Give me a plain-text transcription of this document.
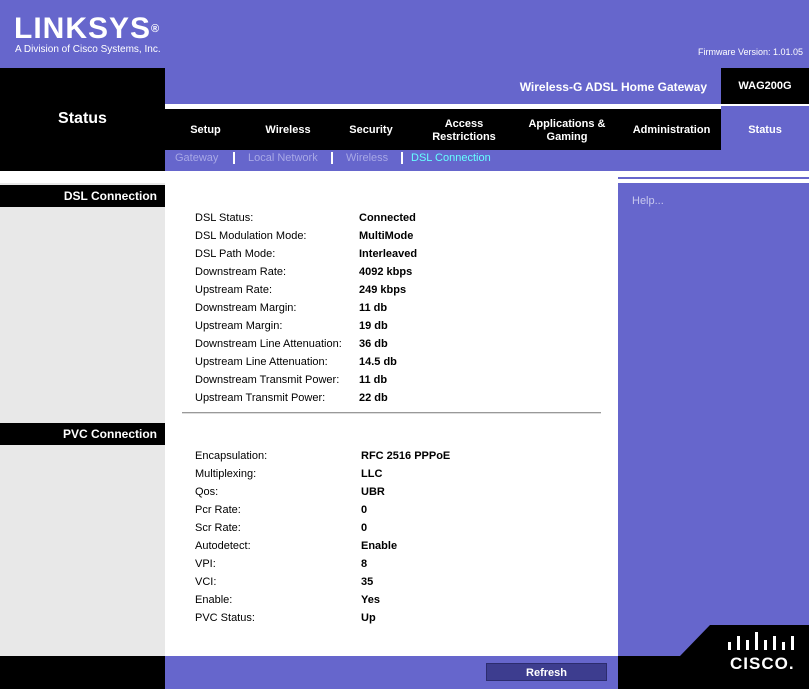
LINKSYS®
A Division of Cisco Systems, Inc.	Firmware Version: 1.01.05
Status
Wireless-G ADSL Home Gateway	WAG200G
Setup	Wireless	Security	Access
Restrictions
Applications &
Gaming
Administration	Status
Gateway	Local Network	Wireless DSL Connection
DSL Connection
PVC Connection
Help...
DSL Status:	Connected
DSL Modulation Mode:	MultiMode
DSL Path Mode:	Interleaved
Downstream Rate:	4092 kbps
Upstream Rate:	249 kbps
Downstream Margin:	11 db
Upstream Margin:	19 db
Downstream Line Attenuation: 36 db
Upstream Line Attenuation:	14.5 db
Downstream Transmit Power: 11 db
Upstream Transmit Power:	22 db
Encapsulation:	RFC 2516 PPPoE
Multiplexing:	LLC
Qos:	UBR
Pcr Rate:	0
Scr Rate:	0
Autodetect:	Enable
VPI:	8
VCI:	35
Enable:	Yes
PVC Status:	Up
Refresh	CISCO.
